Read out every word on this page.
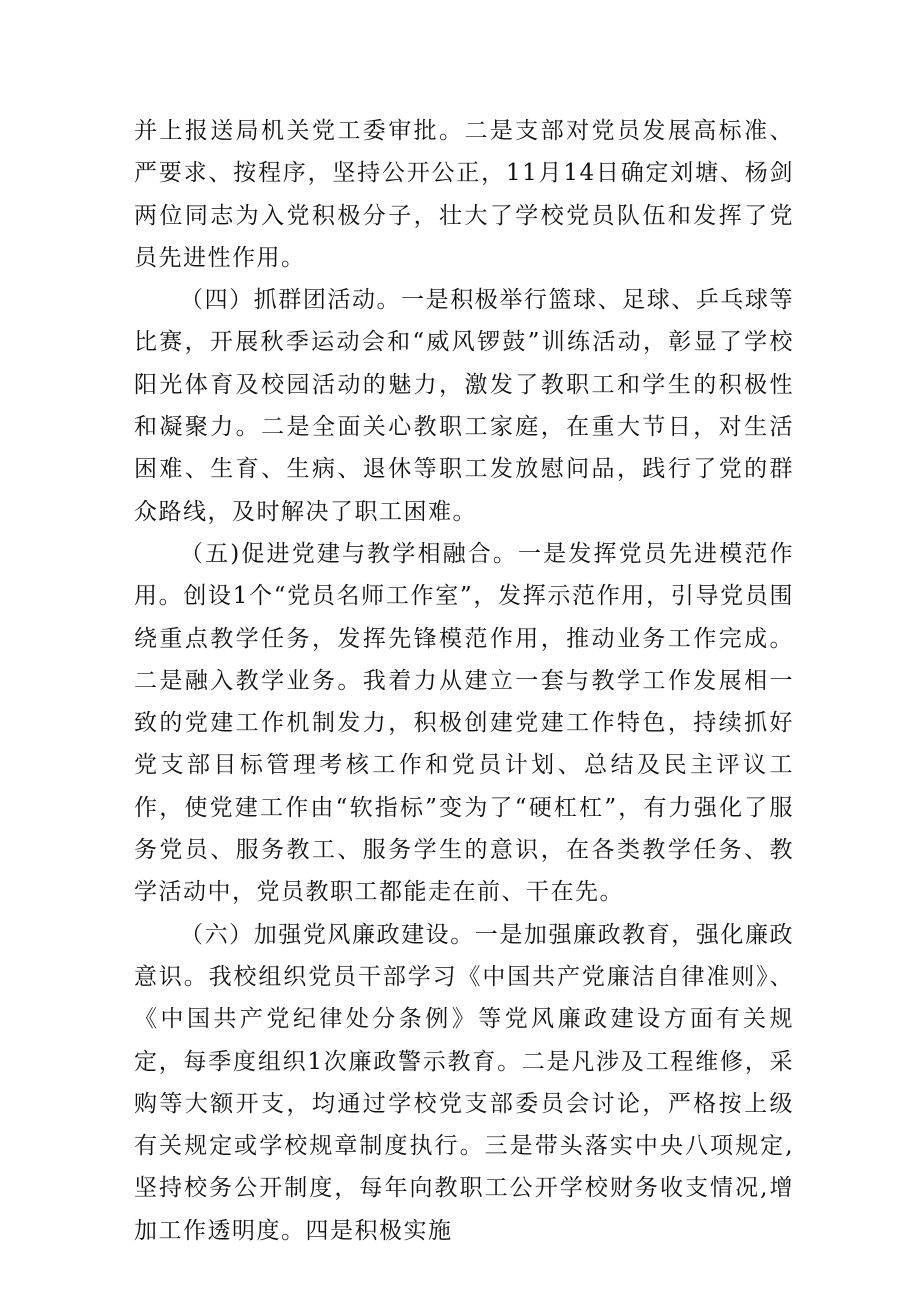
并上报送局机关党工委审批。二是支部对党员发展高标准、严要求、按程序，坚持公开公正，11月14日确定刘塘、杨剑两位同志为入党积极分子，壮大了学校党员队伍和发挥了党员先进性作用。

（四）抓群团活动。一是积极举行篮球、足球、乒乓球等比赛，开展秋季运动会和“威风锣鼓”训练活动，彰显了学校阳光体育及校园活动的魅力，激发了教职工和学生的积极性和凝聚力。二是全面关心教职工家庭，在重大节日，对生活困难、生育、生病、退休等职工发放慰问品，践行了党的群众路线，及时解决了职工困难。

（五)促进党建与教学相融合。一是发挥党员先进模范作用。创设1个“党员名师工作室”，发挥示范作用，引导党员围绕重点教学任务，发挥先锋模范作用，推动业务工作完成。二是融入教学业务。我着力从建立一套与教学工作发展相一致的党建工作机制发力，积极创建党建工作特色，持续抓好党支部目标管理考核工作和党员计划、总结及民主评议工作，使党建工作由“软指标”变为了“硬杠杠”，有力强化了服务党员、服务教工、服务学生的意识，在各类教学任务、教学活动中，党员教职工都能走在前、干在先。

（六）加强党风廉政建设。一是加强廉政教育，强化廉政意识。我校组织党员干部学习《中国共产党廉洁自律准则》、《中国共产党纪律处分条例》等党风廉政建设方面有关规定，每季度组织1次廉政警示教育。二是凡涉及工程维修，采购等大额开支，均通过学校党支部委员会讨论，严格按上级有关规定或学校规章制度执行。三是带头落实中央八项规定,坚持校务公开制度，每年向教职工公开学校财务收支情况,增加工作透明度。四是积极实施
